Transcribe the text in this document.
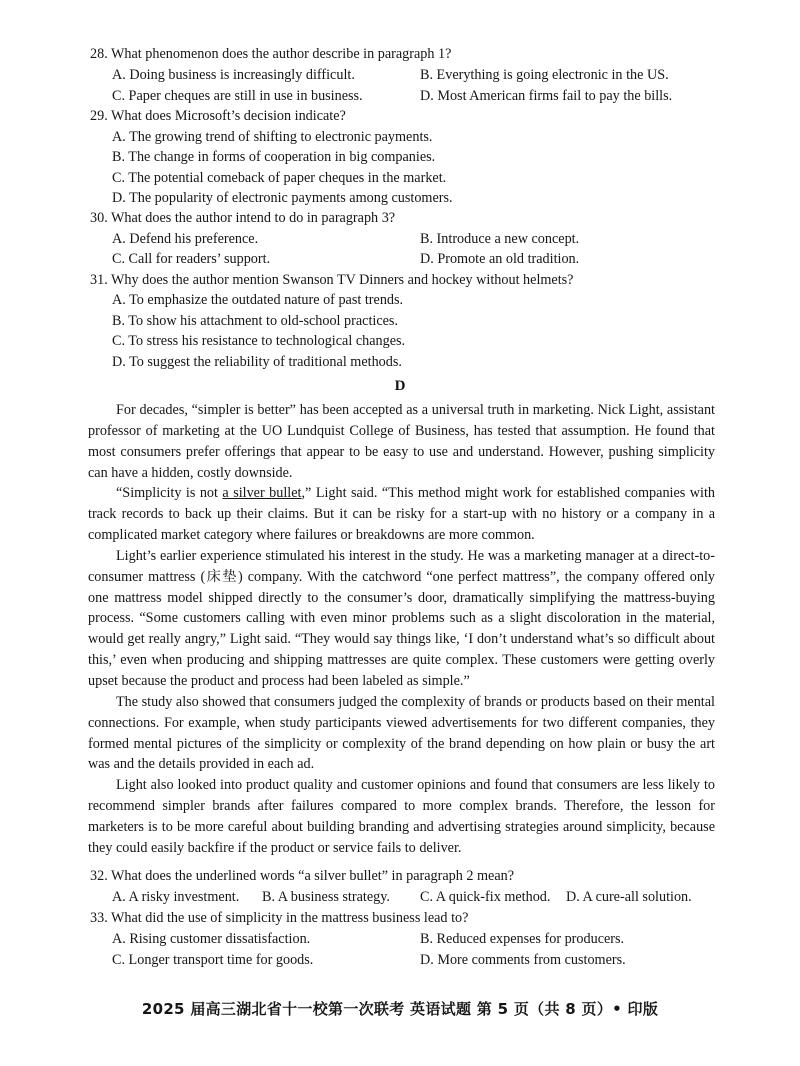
28. What phenomenon does the author describe in paragraph 1?
A. Doing business is increasingly difficult.	B. Everything is going electronic in the US.
C. Paper cheques are still in use in business.	D. Most American firms fail to pay the bills.
29. What does Microsoft’s decision indicate?
A. The growing trend of shifting to electronic payments.
B. The change in forms of cooperation in big companies.
C. The potential comeback of paper cheques in the market.
D. The popularity of electronic payments among customers.
30. What does the author intend to do in paragraph 3?
A. Defend his preference.	B. Introduce a new concept.
C. Call for readers’ support.	D. Promote an old tradition.
31. Why does the author mention Swanson TV Dinners and hockey without helmets?
A. To emphasize the outdated nature of past trends.
B. To show his attachment to old-school practices.
C. To stress his resistance to technological changes.
D. To suggest the reliability of traditional methods.
D

For decades, “simpler is better” has been accepted as a universal truth in marketing. Nick Light, assistant professor of marketing at the UO Lundquist College of Business, has tested that assumption. He found that most consumers prefer offerings that appear to be easy to use and understand. However, pushing simplicity can have a hidden, costly downside.

“Simplicity is not a silver bullet,” Light said. “This method might work for established companies with track records to back up their claims. But it can be risky for a start-up with no history or a company in a complicated market category where failures or breakdowns are more common.

Light’s earlier experience stimulated his interest in the study. He was a marketing manager at a direct-to-consumer mattress (床垫) company. With the catchword “one perfect mattress”, the company offered only one mattress model shipped directly to the consumer’s door, dramatically simplifying the mattress-buying process. “Some customers calling with even minor problems such as a slight discoloration in the material, would get really angry,” Light said. “They would say things like, ‘I don’t understand what’s so difficult about this,’ even when producing and shipping mattresses are quite complex. These customers were getting overly upset because the product and process had been labeled as simple.”

The study also showed that consumers judged the complexity of brands or products based on their mental connections. For example, when study participants viewed advertisements for two different companies, they formed mental pictures of the simplicity or complexity of the brand depending on how plain or busy the art was and the details provided in each ad.

Light also looked into product quality and customer opinions and found that consumers are less likely to recommend simpler brands after failures compared to more complex brands. Therefore, the lesson for marketers is to be more careful about building branding and advertising strategies around simplicity, because they could easily backfire if the product or service fails to deliver.

32. What does the underlined words “a silver bullet” in paragraph 2 mean?
A. A risky investment. B. A business strategy. C. A quick-fix method. D. A cure-all solution.
33. What did the use of simplicity in the mattress business lead to?
A. Rising customer dissatisfaction.	B. Reduced expenses for producers.
C. Longer transport time for goods.	D. More comments from customers.
2025 届高三湖北省十一校第一次联考 英语试题 第 5 页（共 8 页）• 印版
